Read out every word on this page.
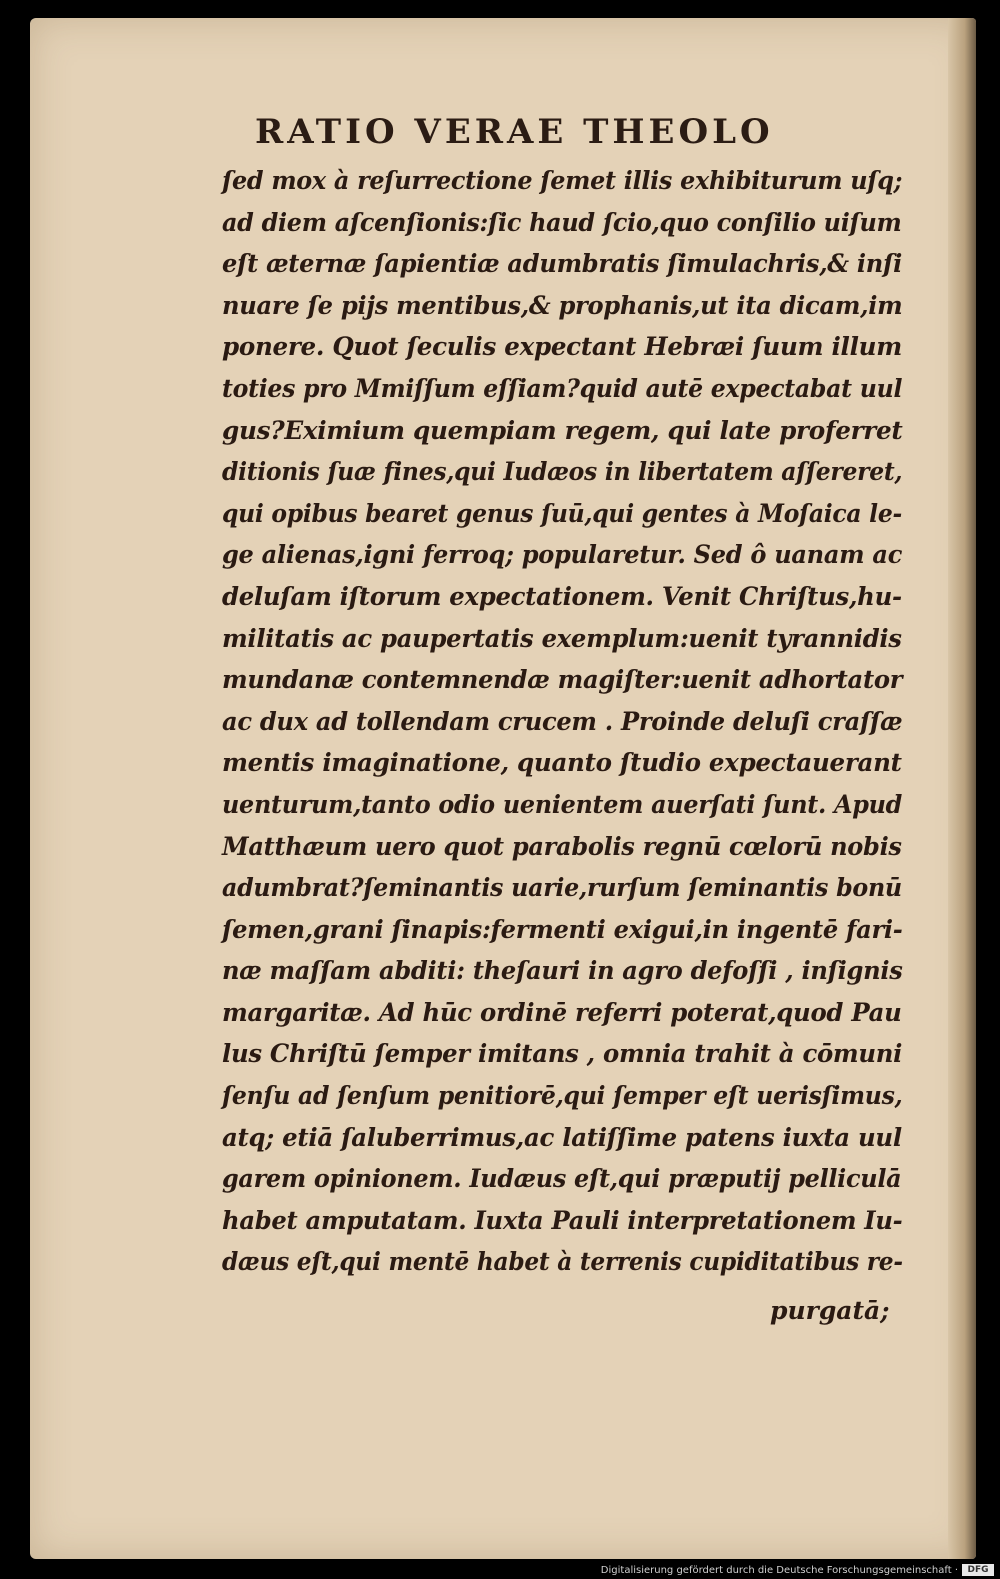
RATIO VERAE THEOLO
ſed mox à reſurrectione ſemet illis exhibiturum uſq;
ad diem aſcenſionis:ſic haud ſcio,quo conſilio uiſum
eſt æternæ ſapientiæ adumbratis ſimulachris,& inſi
nuare ſe pijs mentibus,& prophanis,ut ita dicam,im
ponere. Quot ſeculis expectant Hebræi ſuum illum
toties pro Mmiſſum eſſiam?quid autē expectabat uul
gus?Eximium quempiam regem, qui late proferret
ditionis ſuæ fines,qui Iudæos in libertatem aſſereret,
qui opibus bearet genus ſuū,qui gentes à Moſaica le-
ge alienas,igni ferroq; popularetur. Sed ô uanam ac
deluſam iſtorum expectationem. Venit Chriſtus,hu-
militatis ac paupertatis exemplum:uenit tyrannidis
mundanæ contemnendæ magiſter:uenit adhortator
ac dux ad tollendam crucem . Proinde deluſi craſſæ
mentis imaginatione, quanto ſtudio expectauerant
uenturum,tanto odio uenientem auerſati ſunt. Apud
Matthæum uero quot parabolis regnū cœlorū nobis
adumbrat?ſeminantis uarie,rurſum ſeminantis bonū
ſemen,grani ſinapis:fermenti exigui,in ingentē fari-
næ maſſam abditi: theſauri in agro defoſſi , inſignis
margaritæ. Ad hūc ordinē referri poterat,quod Pau
lus Chriſtū ſemper imitans , omnia trahit à cōmuni
ſenſu ad ſenſum penitiorē,qui ſemper eſt uerisſimus,
atq; etiā ſaluberrimus,ac latiſſime patens iuxta uul
garem opinionem. Iudæus eſt,qui præputij pelliculā
habet amputatam. Iuxta Pauli interpretationem Iu-
dæus eſt,qui mentē habet à terrenis cupiditatibus re-
purgatā;
Digitalisierung gefördert durch die Deutsche Forschungsgemeinschaft ·	DFG
